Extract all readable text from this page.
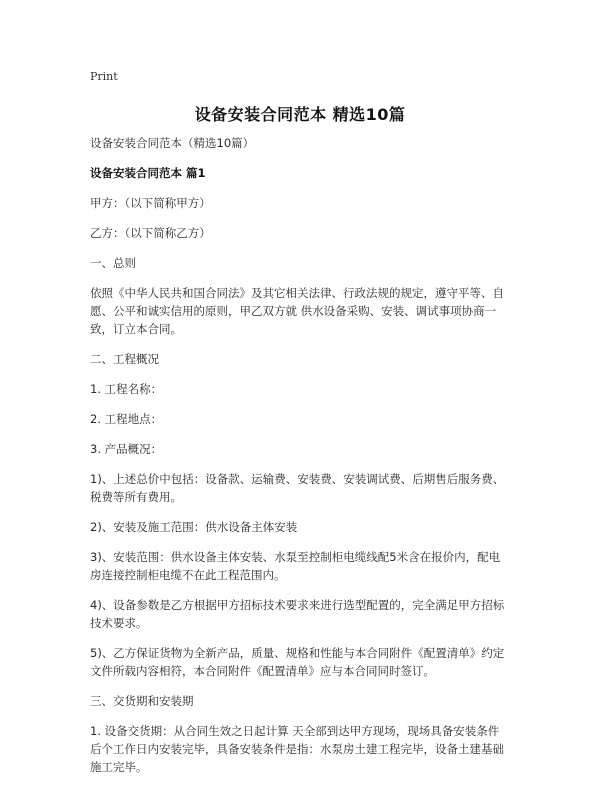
Print
设备安装合同范本 精选10篇

设备安装合同范本（精选10篇）

设备安装合同范本 篇1

甲方：（以下简称甲方）

乙方：（以下简称乙方）

一、总则

依照《中华人民共和国合同法》及其它相关法律、行政法规的规定，遵守平等、自愿、公平和诚实信用的原则，甲乙双方就 供水设备采购、安装、调试事项协商一致，订立本合同。

二、工程概况

1. 工程名称：

2. 工程地点：

3. 产品概况：

1)、上述总价中包括：设备款、运输费、安装费、安装调试费、后期售后服务费、税费等所有费用。

2)、安装及施工范围：供水设备主体安装

3)、安装范围：供水设备主体安装、水泵至控制柜电缆线配5米含在报价内，配电房连接控制柜电缆不在此工程范围内。

4)、设备参数是乙方根据甲方招标技术要求来进行选型配置的，完全满足甲方招标技术要求。

5)、乙方保证货物为全新产品，质量、规格和性能与本合同附件《配置清单》约定文件所载内容相符，本合同附件《配置清单》应与本合同同时签订。

三、交货期和安装期

1. 设备交货期：从合同生效之日起计算 天全部到达甲方现场，现场具备安装条件后个工作日内安装完毕，具备安装条件是指：水泵房土建工程完毕，设备土建基础施工完毕。
